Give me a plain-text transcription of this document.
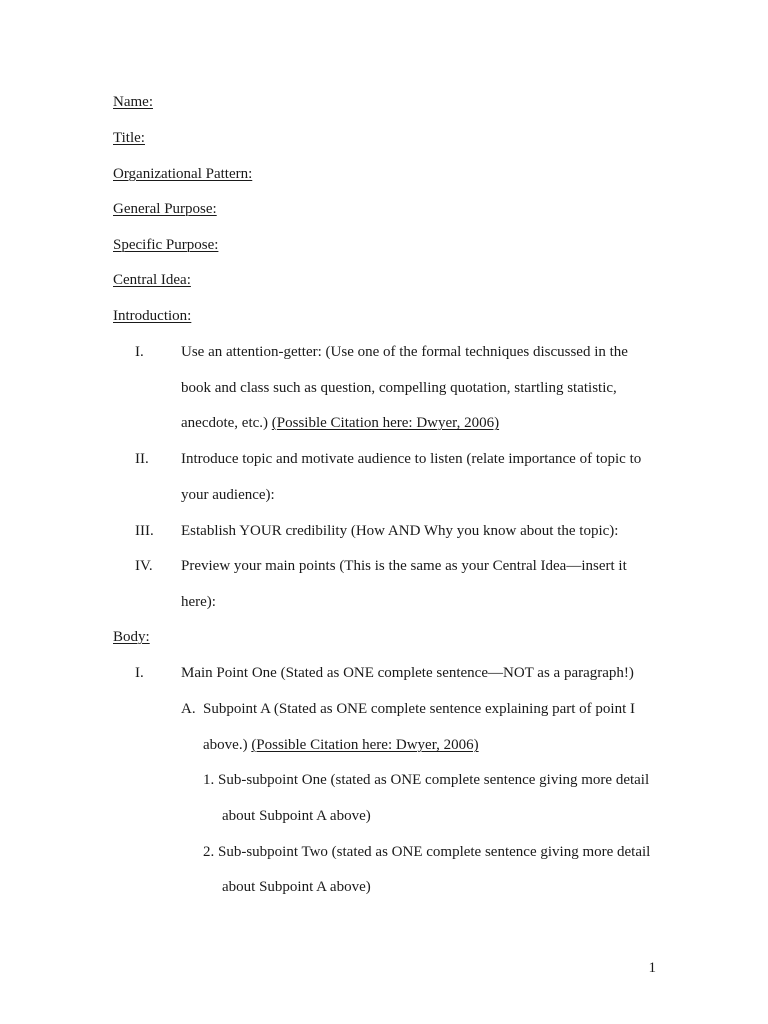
Name:

Title:

Organizational Pattern:

General Purpose:

Specific Purpose:

Central Idea:

Introduction:

I. Use an attention-getter: (Use one of the formal techniques discussed in the

book and class such as question, compelling quotation, startling statistic,

anecdote, etc.) (Possible Citation here: Dwyer, 2006)

II. Introduce topic and motivate audience to listen (relate importance of topic to

your audience):

III. Establish YOUR credibility (How AND Why you know about the topic):

IV. Preview your main points (This is the same as your Central Idea—insert it

here):

Body:

I. Main Point One (Stated as ONE complete sentence—NOT as a paragraph!)

A. Subpoint A (Stated as ONE complete sentence explaining part of point I

above.) (Possible Citation here: Dwyer, 2006)

1. Sub-subpoint One (stated as ONE complete sentence giving more detail

about Subpoint A above)

2. Sub-subpoint Two (stated as ONE complete sentence giving more detail

about Subpoint A above)

1
